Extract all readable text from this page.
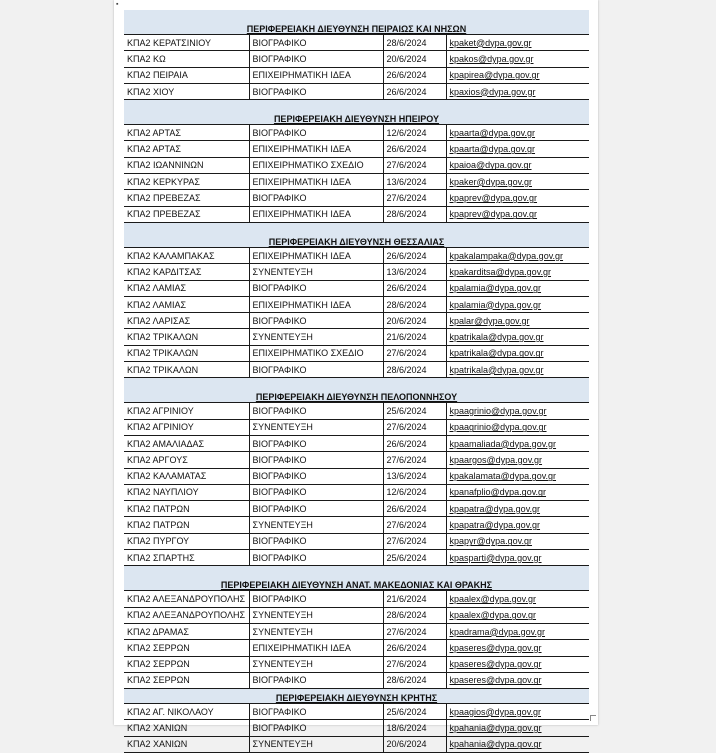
▪
ΠΕΡΙΦΕΡΕΙΑΚΗ ΔΙΕΥΘΥΝΣΗ ΠΕΙΡΑΙΩΣ ΚΑΙ ΝΗΣΩΝ			
ΚΠΑ2 ΚΕΡΑΤΣΙΝΙΟΥ	ΒΙΟΓΡΑΦΙΚΟ	28/6/2024	kpaket@dypa.gov.gr
ΚΠΑ2 ΚΩ	ΒΙΟΓΡΑΦΙΚΟ	20/6/2024	kpakos@dypa.gov.gr
ΚΠΑ2 ΠΕΙΡΑΙΑ	ΕΠΙΧΕΙΡΗΜΑΤΙΚΗ ΙΔΕΑ	26/6/2024	kpapirea@dypa.gov.gr
ΚΠΑ2 ΧΙΟΥ	ΒΙΟΓΡΑΦΙΚΟ	26/6/2024	kpaxios@dypa.gov.gr
ΠΕΡΙΦΕΡΕΙΑΚΗ ΔΙΕΥΘΥΝΣΗ ΗΠΕΙΡΟΥ			
ΚΠΑ2 ΑΡΤΑΣ	ΒΙΟΓΡΑΦΙΚΟ	12/6/2024	kpaarta@dypa.gov.gr
ΚΠΑ2 ΑΡΤΑΣ	ΕΠΙΧΕΙΡΗΜΑΤΙΚΗ ΙΔΕΑ	26/6/2024	kpaarta@dypa.gov.gr
ΚΠΑ2 ΙΩΑΝΝΙΝΩΝ	ΕΠΙΧΕΙΡΗΜΑΤΙΚΟ ΣΧΕΔΙΟ	27/6/2024	kpaioa@dypa.gov.gr
ΚΠΑ2 ΚΕΡΚΥΡΑΣ	ΕΠΙΧΕΙΡΗΜΑΤΙΚΗ ΙΔΕΑ	13/6/2024	kpaker@dypa.gov.gr
ΚΠΑ2 ΠΡΕΒΕΖΑΣ	ΒΙΟΓΡΑΦΙΚΟ	27/6/2024	kpaprev@dypa.gov.gr
ΚΠΑ2 ΠΡΕΒΕΖΑΣ	ΕΠΙΧΕΙΡΗΜΑΤΙΚΗ ΙΔΕΑ	28/6/2024	kpaprev@dypa.gov.gr
ΠΕΡΙΦΕΡΕΙΑΚΗ ΔΙΕΥΘΥΝΣΗ ΘΕΣΣΑΛΙΑΣ			
ΚΠΑ2 ΚΑΛΑΜΠΑΚΑΣ	ΕΠΙΧΕΙΡΗΜΑΤΙΚΗ ΙΔΕΑ	26/6/2024	kpakalampaka@dypa.gov.gr
ΚΠΑ2 ΚΑΡΔΙΤΣΑΣ	ΣΥΝΕΝΤΕΥΞΗ	13/6/2024	kpakarditsa@dypa.gov.gr
ΚΠΑ2 ΛΑΜΙΑΣ	ΒΙΟΓΡΑΦΙΚΟ	26/6/2024	kpalamia@dypa.gov.gr
ΚΠΑ2 ΛΑΜΙΑΣ	ΕΠΙΧΕΙΡΗΜΑΤΙΚΗ ΙΔΕΑ	28/6/2024	kpalamia@dypa.gov.gr
ΚΠΑ2 ΛΑΡΙΣΑΣ	ΒΙΟΓΡΑΦΙΚΟ	20/6/2024	kpalar@dypa.gov.gr
ΚΠΑ2 ΤΡΙΚΑΛΩΝ	ΣΥΝΕΝΤΕΥΞΗ	21/6/2024	kpatrikala@dypa.gov.gr
ΚΠΑ2 ΤΡΙΚΑΛΩΝ	ΕΠΙΧΕΙΡΗΜΑΤΙΚΟ ΣΧΕΔΙΟ	27/6/2024	kpatrikala@dypa.gov.gr
ΚΠΑ2 ΤΡΙΚΑΛΩΝ	ΒΙΟΓΡΑΦΙΚΟ	28/6/2024	kpatrikala@dypa.gov.gr
ΠΕΡΙΦΕΡΕΙΑΚΗ ΔΙΕΥΘΥΝΣΗ ΠΕΛΟΠΟΝΝΗΣΟΥ			
ΚΠΑ2 ΑΓΡΙΝΙΟΥ	ΒΙΟΓΡΑΦΙΚΟ	25/6/2024	kpaagrinio@dypa.gov.gr
ΚΠΑ2 ΑΓΡΙΝΙΟΥ	ΣΥΝΕΝΤΕΥΞΗ	27/6/2024	kpaagrinio@dypa.gov.gr
ΚΠΑ2 ΑΜΑΛΙΑΔΑΣ	ΒΙΟΓΡΑΦΙΚΟ	26/6/2024	kpaamaliada@dypa.gov.gr
ΚΠΑ2 ΑΡΓΟΥΣ	ΒΙΟΓΡΑΦΙΚΟ	27/6/2024	kpaargos@dypa.gov.gr
ΚΠΑ2 ΚΑΛΑΜΑΤΑΣ	ΒΙΟΓΡΑΦΙΚΟ	13/6/2024	kpakalamata@dypa.gov.gr
ΚΠΑ2 ΝΑΥΠΛΙΟΥ	ΒΙΟΓΡΑΦΙΚΟ	12/6/2024	kpanafplio@dypa.gov.gr
ΚΠΑ2 ΠΑΤΡΩΝ	ΒΙΟΓΡΑΦΙΚΟ	26/6/2024	kpapatra@dypa.gov.gr
ΚΠΑ2 ΠΑΤΡΩΝ	ΣΥΝΕΝΤΕΥΞΗ	27/6/2024	kpapatra@dypa.gov.gr
ΚΠΑ2 ΠΥΡΓΟΥ	ΒΙΟΓΡΑΦΙΚΟ	27/6/2024	kpapyr@dypa.gov.gr
ΚΠΑ2 ΣΠΑΡΤΗΣ	ΒΙΟΓΡΑΦΙΚΟ	25/6/2024	kpasparti@dypa.gov.gr
ΠΕΡΙΦΕΡΕΙΑΚΗ ΔΙΕΥΘΥΝΣΗ ΑΝΑΤ. ΜΑΚΕΔΟΝΙΑΣ ΚΑΙ ΘΡΑΚΗΣ			
ΚΠΑ2 ΑΛΕΞΑΝΔΡΟΥΠΟΛΗΣ	ΒΙΟΓΡΑΦΙΚΟ	21/6/2024	kpaalex@dypa.gov.gr
ΚΠΑ2 ΑΛΕΞΑΝΔΡΟΥΠΟΛΗΣ	ΣΥΝΕΝΤΕΥΞΗ	28/6/2024	kpaalex@dypa.gov.gr
ΚΠΑ2 ΔΡΑΜΑΣ	ΣΥΝΕΝΤΕΥΞΗ	27/6/2024	kpadrama@dypa.gov.gr
ΚΠΑ2 ΣΕΡΡΩΝ	ΕΠΙΧΕΙΡΗΜΑΤΙΚΗ ΙΔΕΑ	26/6/2024	kpaseres@dypa.gov.gr
ΚΠΑ2 ΣΕΡΡΩΝ	ΣΥΝΕΝΤΕΥΞΗ	27/6/2024	kpaseres@dypa.gov.gr
ΚΠΑ2 ΣΕΡΡΩΝ	ΒΙΟΓΡΑΦΙΚΟ	28/6/2024	kpaseres@dypa.gov.gr
ΠΕΡΙΦΕΡΕΙΑΚΗ ΔΙΕΥΘΥΝΣΗ ΚΡΗΤΗΣ			
ΚΠΑ2 ΑΓ. ΝΙΚΟΛΑΟΥ	ΒΙΟΓΡΑΦΙΚΟ	25/6/2024	kpaagios@dypa.gov.gr
ΚΠΑ2 ΧΑΝΙΩΝ	ΒΙΟΓΡΑΦΙΚΟ	18/6/2024	kpahania@dypa.gov.gr
ΚΠΑ2 ΧΑΝΙΩΝ	ΣΥΝΕΝΤΕΥΞΗ	20/6/2024	kpahania@dypa.gov.gr
